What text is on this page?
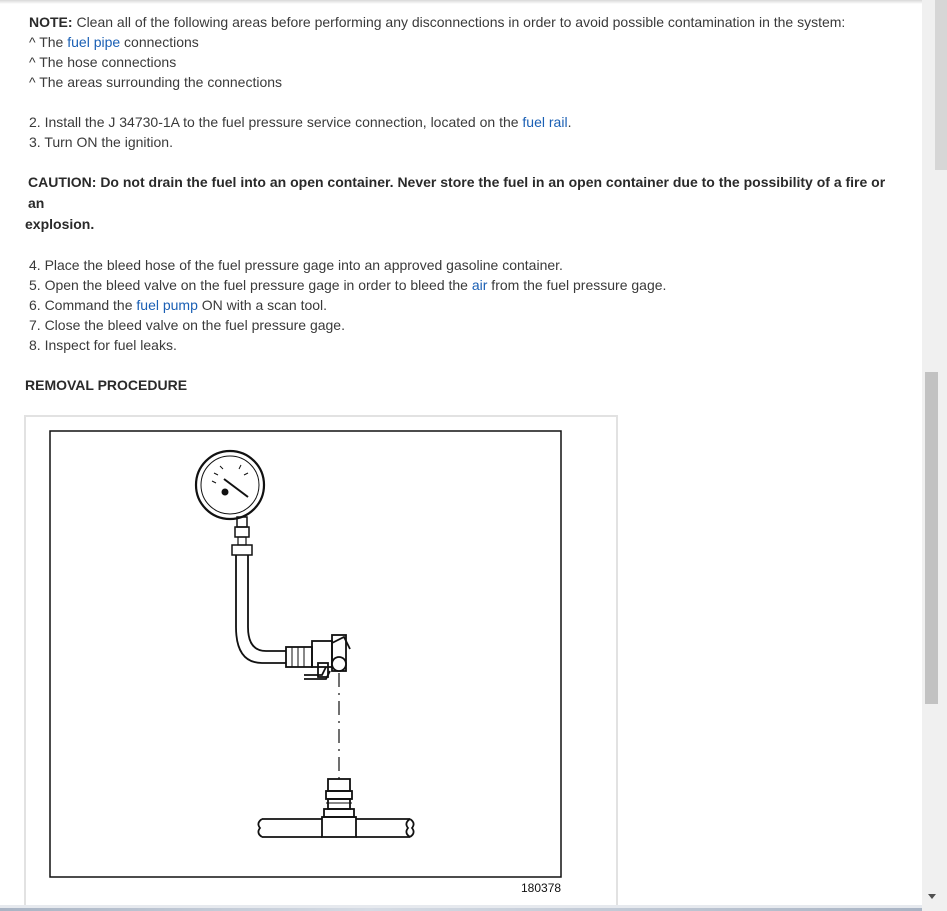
NOTE: Clean all of the following areas before performing any disconnections in order to avoid possible contamination in the system:
^ The fuel pipe connections
^ The hose connections
^ The areas surrounding the connections
2. Install the J 34730-1A to the fuel pressure service connection, located on the fuel rail.
3. Turn ON the ignition.
CAUTION: Do not drain the fuel into an open container. Never store the fuel in an open container due to the possibility of a fire or an
explosion.
4. Place the bleed hose of the fuel pressure gage into an approved gasoline container.
5. Open the bleed valve on the fuel pressure gage in order to bleed the air from the fuel pressure gage.
6. Command the fuel pump ON with a scan tool.
7. Close the bleed valve on the fuel pressure gage.
8. Inspect for fuel leaks.
REMOVAL PROCEDURE
180378
